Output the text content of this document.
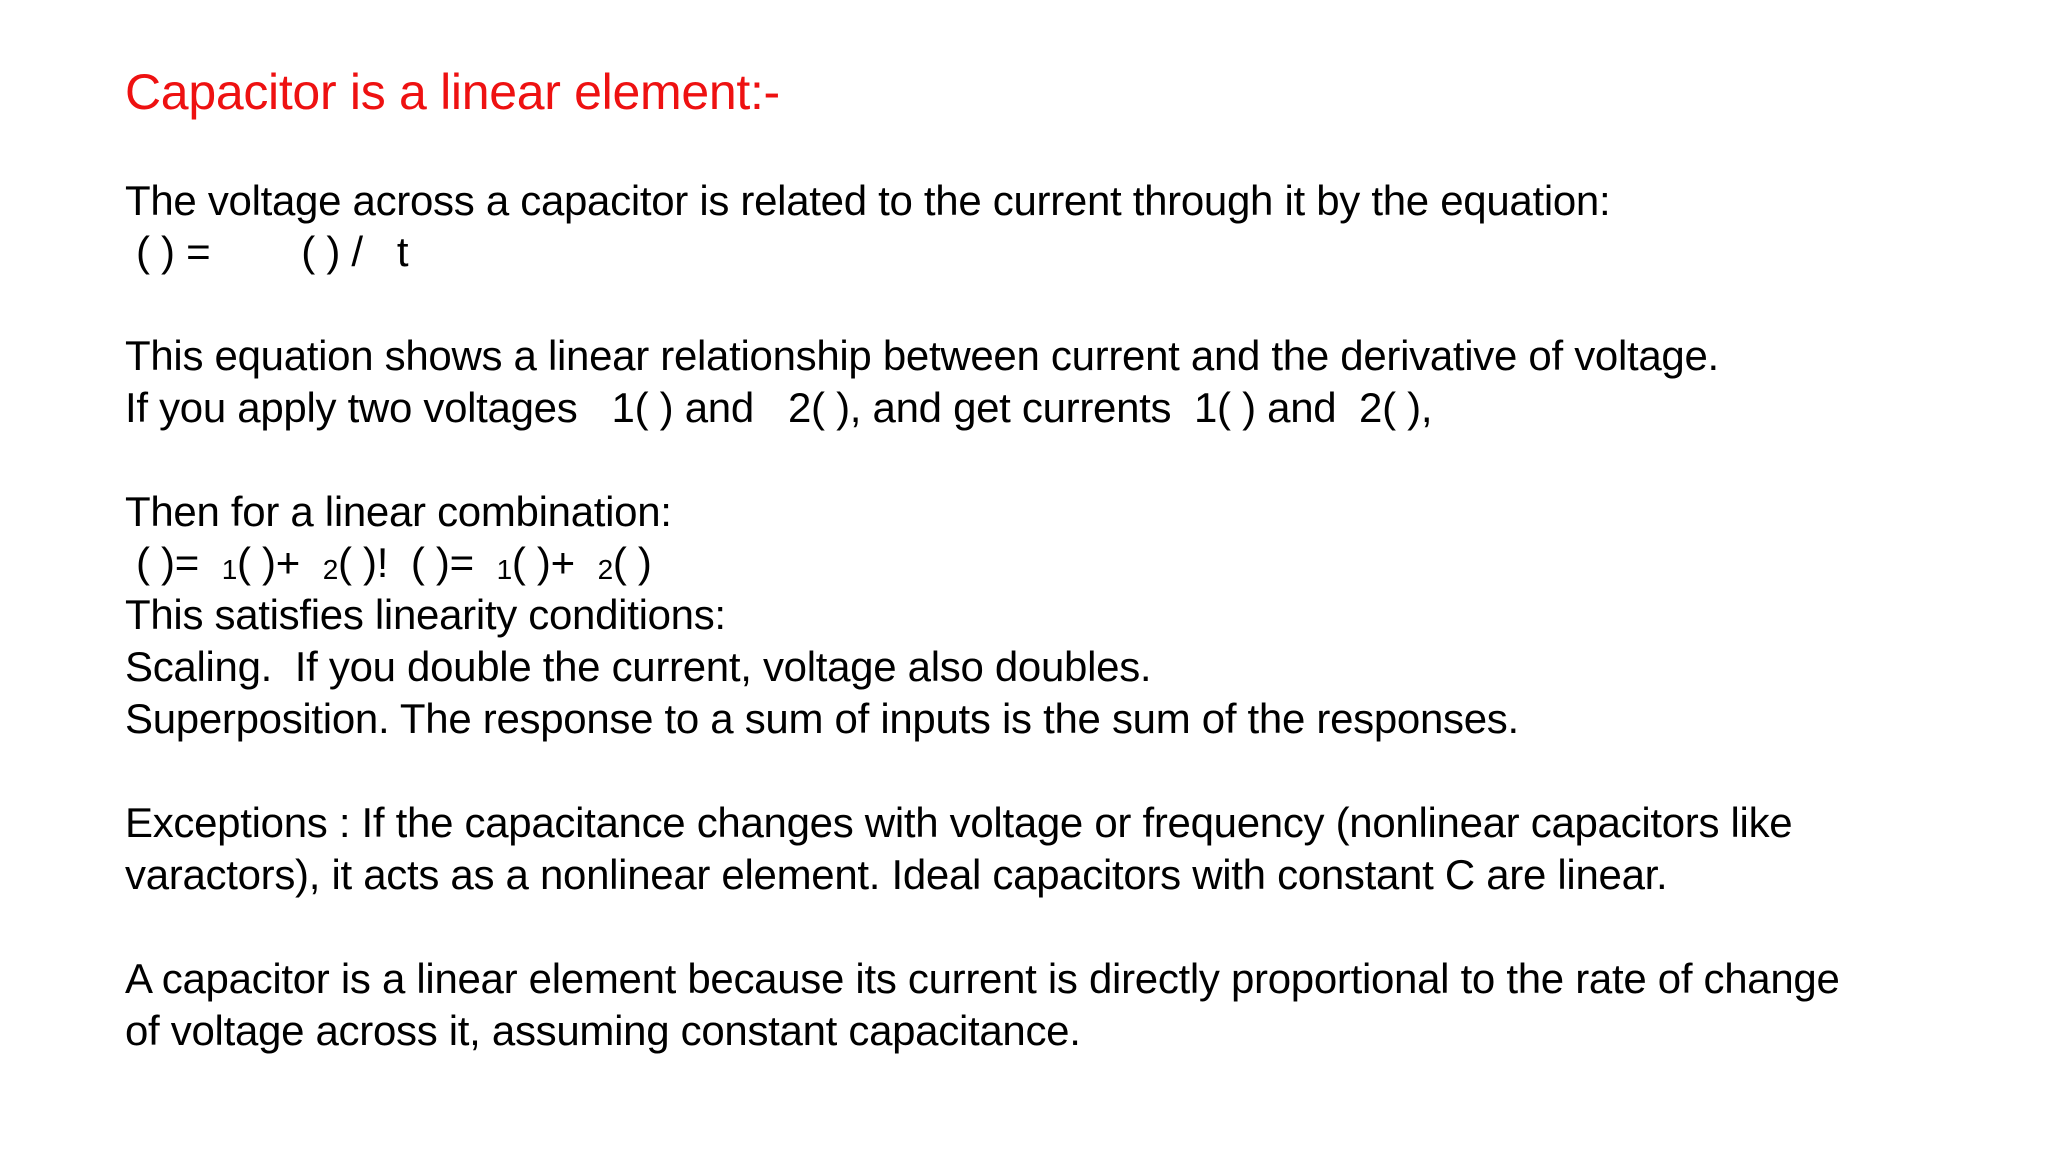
Capacitor is a linear element:-
The voltage across a capacitor is related to the current through it by the equation:
( ) =        ( ) /   t
This equation shows a linear relationship between current and the derivative of voltage.
If you apply two voltages   1( ) and   2( ), and get currents  1( ) and  2( ),
Then for a linear combination:
( )=  1( )+  2( )!  ( )=  1( )+  2( )
This satisfies linearity conditions:
Scaling.  If you double the current, voltage also doubles.
Superposition. The response to a sum of inputs is the sum of the responses.
Exceptions : If the capacitance changes with voltage or frequency (nonlinear capacitors like
varactors), it acts as a nonlinear element. Ideal capacitors with constant C are linear.
A capacitor is a linear element because its current is directly proportional to the rate of change
of voltage across it, assuming constant capacitance.
